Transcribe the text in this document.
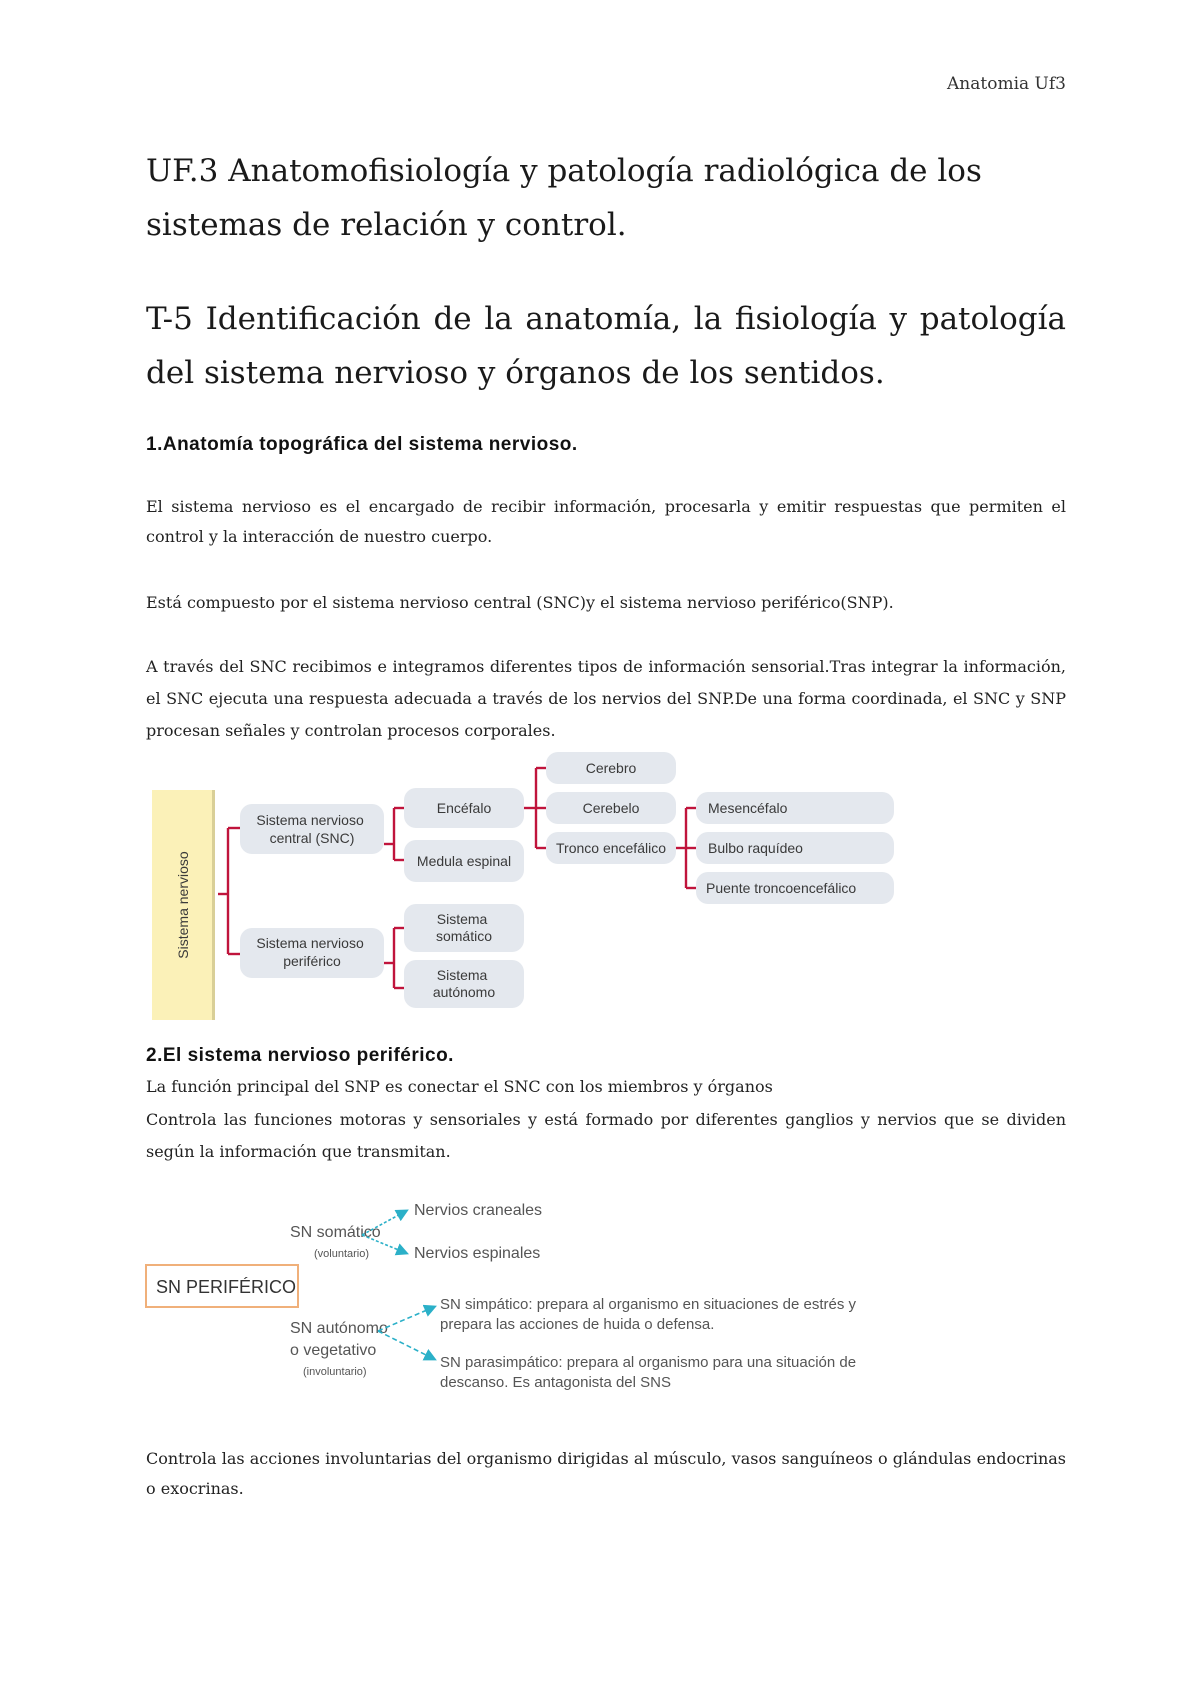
Anatomia Uf3
UF.3 Anatomofisiología y patología radiológica de los sistemas de relación y control.
T-5 Identificación de la anatomía, la fisiología y patología del sistema nervioso y órganos de los sentidos.
1.Anatomía topográfica del sistema nervioso.
El sistema nervioso es el encargado de recibir información, procesarla y emitir respuestas que permiten el control y la interacción de nuestro cuerpo.
Está compuesto por el sistema nervioso central (SNC)y el sistema nervioso periférico(SNP).
A través del SNC recibimos e integramos diferentes tipos de información sensorial.Tras integrar la información, el SNC ejecuta una respuesta adecuada a través de los nervios del SNP.De una forma coordinada, el SNC y SNP procesan señales y controlan procesos corporales.
Sistema nervioso
Sistema nervioso central (SNC)
Sistema nervioso periférico
Encéfalo
Medula espinal
Sistema somático
Sistema autónomo
Cerebro
Cerebelo
Tronco encefálico
Mesencéfalo
Bulbo raquídeo
Puente troncoencefálico
2.El sistema nervioso periférico.
La función principal del SNP es conectar el SNC con los miembros y órganos
Controla las funciones motoras y sensoriales y está formado por diferentes ganglios y nervios que se dividen según la información que transmitan.
SN PERIFÉRICO
SN somático
(voluntario)
Nervios craneales
Nervios espinales
SN autónomo
o vegetativo
(involuntario)
SN simpático: prepara al organismo en situaciones de estrés y
prepara las acciones de huida o defensa.
SN parasimpático: prepara al organismo para una situación de
descanso. Es antagonista del SNS
Controla las acciones involuntarias del organismo dirigidas al músculo, vasos sanguíneos o glándulas endocrinas o exocrinas.
